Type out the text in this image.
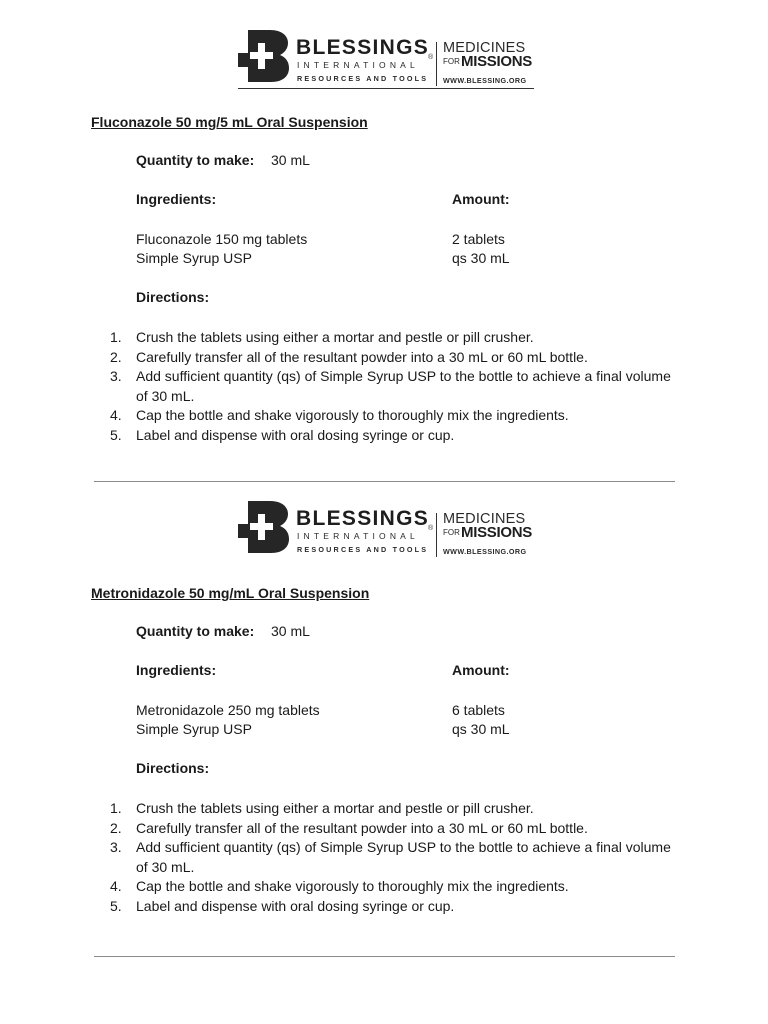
BLESSINGS
®
INTERNATIONAL
RESOURCES AND TOOLS
MEDICINES
FOR MISSIONS
WWW.BLESSING.ORG
Fluconazole 50 mg/5 mL Oral Suspension
Quantity to make: 30 mL
Ingredients:	Amount:
Fluconazole 150 mg tablets	2 tablets
Simple Syrup USP	qs 30 mL
Directions:
1. Crush the tablets using either a mortar and pestle or pill crusher.
2. Carefully transfer all of the resultant powder into a 30 mL or 60 mL bottle.
3. Add sufficient quantity (qs) of Simple Syrup USP to the bottle to achieve a final volume of 30 mL.
4. Cap the bottle and shake vigorously to thoroughly mix the ingredients.
5. Label and dispense with oral dosing syringe or cup.
BLESSINGS
®
INTERNATIONAL
RESOURCES AND TOOLS
MEDICINES
FOR MISSIONS
WWW.BLESSING.ORG
Metronidazole 50 mg/mL Oral Suspension
Quantity to make: 30 mL
Ingredients:	Amount:
Metronidazole 250 mg tablets	6 tablets
Simple Syrup USP	qs 30 mL
Directions:
1. Crush the tablets using either a mortar and pestle or pill crusher.
2. Carefully transfer all of the resultant powder into a 30 mL or 60 mL bottle.
3. Add sufficient quantity (qs) of Simple Syrup USP to the bottle to achieve a final volume of 30 mL.
4. Cap the bottle and shake vigorously to thoroughly mix the ingredients.
5. Label and dispense with oral dosing syringe or cup.
